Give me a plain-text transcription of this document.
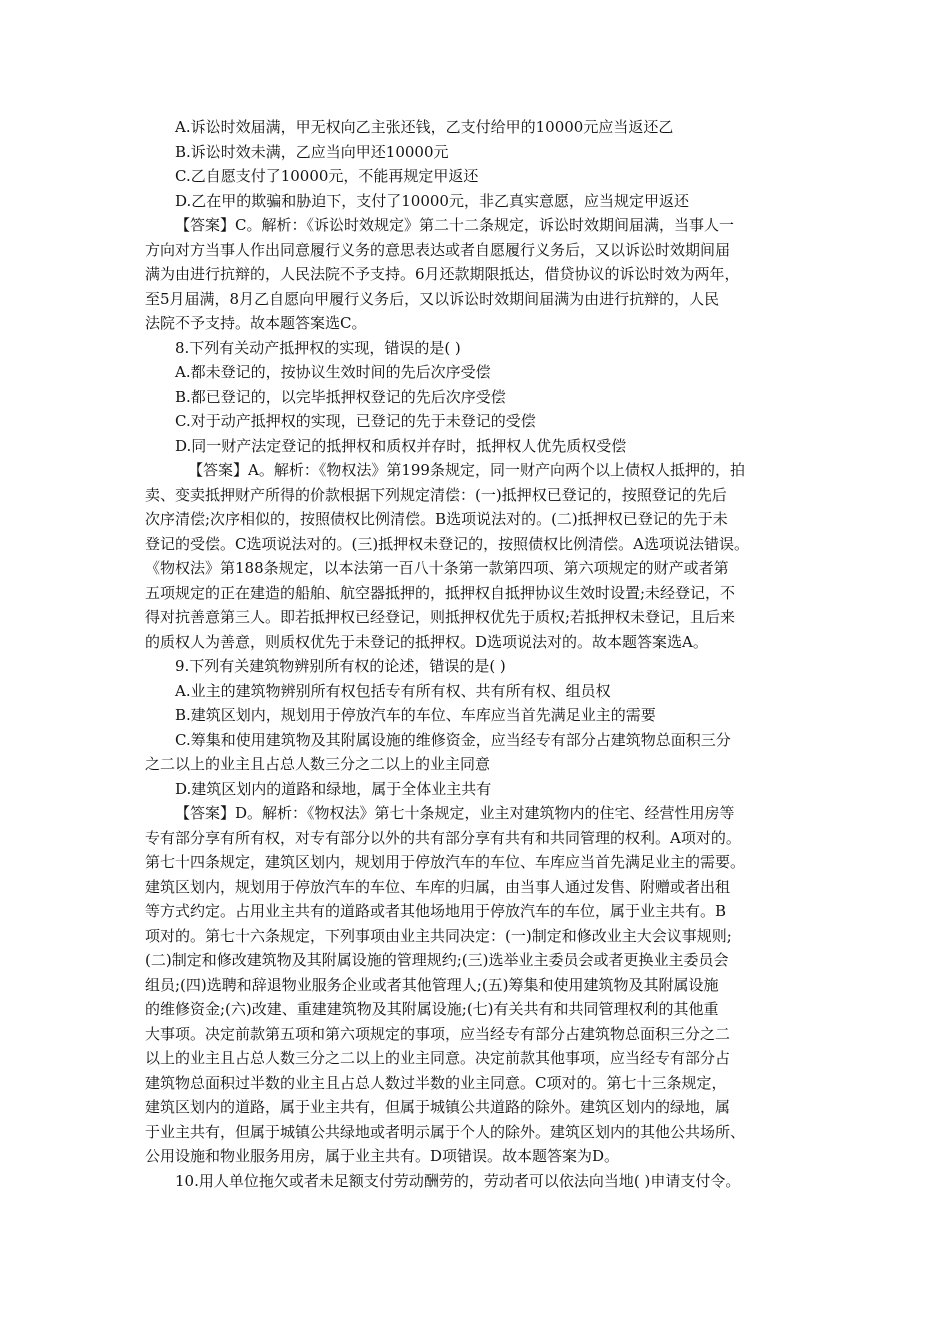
A.诉讼时效届满，甲无权向乙主张还钱，乙支付给甲的10000元应当返还乙
B.诉讼时效未满，乙应当向甲还10000元
C.乙自愿支付了10000元，不能再规定甲返还
D.乙在甲的欺骗和胁迫下，支付了10000元，非乙真实意愿，应当规定甲返还
【答案】C。解析：《诉讼时效规定》第二十二条规定，诉讼时效期间届满，当事人一
方向对方当事人作出同意履行义务的意思表达或者自愿履行义务后，又以诉讼时效期间届
满为由进行抗辩的，人民法院不予支持。6月还款期限抵达，借贷协议的诉讼时效为两年，
至5月届满，8月乙自愿向甲履行义务后，又以诉讼时效期间届满为由进行抗辩的，人民
法院不予支持。故本题答案选C。
8.下列有关动产抵押权的实现，错误的是( )
A.都未登记的，按协议生效时间的先后次序受偿
B.都已登记的，以完毕抵押权登记的先后次序受偿
C.对于动产抵押权的实现，已登记的先于未登记的受偿
D.同一财产法定登记的抵押权和质权并存时，抵押权人优先质权受偿
【答案】A。解析：《物权法》第199条规定，同一财产向两个以上债权人抵押的，拍
卖、变卖抵押财产所得的价款根据下列规定清偿：(一)抵押权已登记的，按照登记的先后
次序清偿;次序相似的，按照债权比例清偿。B选项说法对的。(二)抵押权已登记的先于未
登记的受偿。C选项说法对的。(三)抵押权未登记的，按照债权比例清偿。A选项说法错误。
《物权法》第188条规定，以本法第一百八十条第一款第四项、第六项规定的财产或者第
五项规定的正在建造的船舶、航空器抵押的，抵押权自抵押协议生效时设置;未经登记，不
得对抗善意第三人。即若抵押权已经登记，则抵押权优先于质权;若抵押权未登记，且后来
的质权人为善意，则质权优先于未登记的抵押权。D选项说法对的。故本题答案选A。
9.下列有关建筑物辨别所有权的论述，错误的是( )
A.业主的建筑物辨别所有权包括专有所有权、共有所有权、组员权
B.建筑区划内，规划用于停放汽车的车位、车库应当首先满足业主的需要
C.筹集和使用建筑物及其附属设施的维修资金，应当经专有部分占建筑物总面积三分
之二以上的业主且占总人数三分之二以上的业主同意
D.建筑区划内的道路和绿地，属于全体业主共有
【答案】D。解析：《物权法》第七十条规定，业主对建筑物内的住宅、经营性用房等
专有部分享有所有权，对专有部分以外的共有部分享有共有和共同管理的权利。A项对的。
第七十四条规定，建筑区划内，规划用于停放汽车的车位、车库应当首先满足业主的需要。
建筑区划内，规划用于停放汽车的车位、车库的归属，由当事人通过发售、附赠或者出租
等方式约定。占用业主共有的道路或者其他场地用于停放汽车的车位，属于业主共有。B
项对的。第七十六条规定，下列事项由业主共同决定：(一)制定和修改业主大会议事规则;
(二)制定和修改建筑物及其附属设施的管理规约;(三)选举业主委员会或者更换业主委员会
组员;(四)选聘和辞退物业服务企业或者其他管理人;(五)筹集和使用建筑物及其附属设施
的维修资金;(六)改建、重建建筑物及其附属设施;(七)有关共有和共同管理权利的其他重
大事项。决定前款第五项和第六项规定的事项，应当经专有部分占建筑物总面积三分之二
以上的业主且占总人数三分之二以上的业主同意。决定前款其他事项，应当经专有部分占
建筑物总面积过半数的业主且占总人数过半数的业主同意。C项对的。第七十三条规定，
建筑区划内的道路，属于业主共有，但属于城镇公共道路的除外。建筑区划内的绿地，属
于业主共有，但属于城镇公共绿地或者明示属于个人的除外。建筑区划内的其他公共场所、
公用设施和物业服务用房，属于业主共有。D项错误。故本题答案为D。
10.用人单位拖欠或者未足额支付劳动酬劳的，劳动者可以依法向当地( )申请支付令。
